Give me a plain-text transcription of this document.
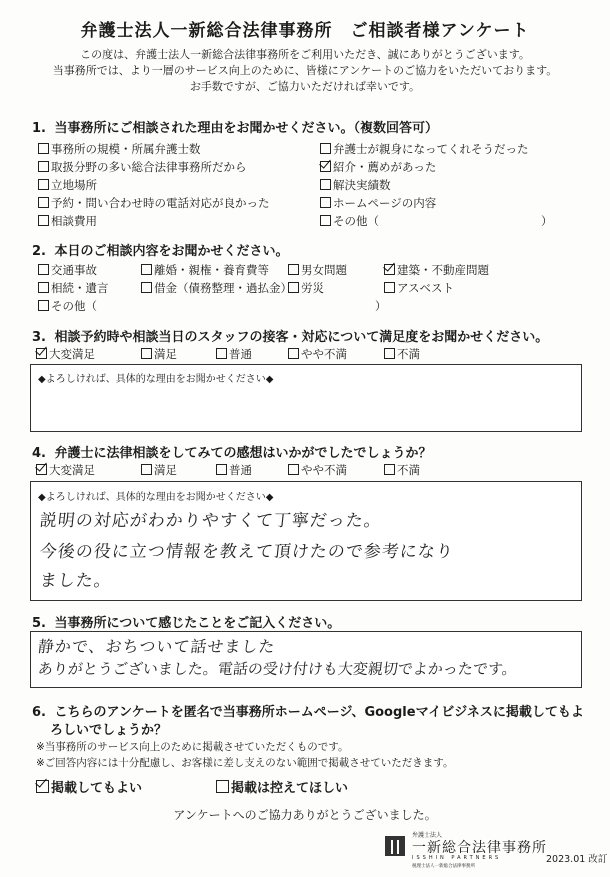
弁護士法人一新総合法律事務所　ご相談者様アンケート
この度は、弁護士法人一新総合法律事務所をご利用いただき、誠にありがとうございます。
当事務所では、より一層のサービス向上のために、皆様にアンケートのご協力をいただいております。
お手数ですが、ご協力いただければ幸いです。
1. 当事務所にご相談された理由をお聞かせください。（複数回答可）
事務所の規模・所属弁護士数	弁護士が親身になってくれそうだった
取扱分野の多い総合法律事務所だから	紹介・薦めがあった
立地場所	解決実績数
予約・問い合わせ時の電話対応が良かった	ホームページの内容
相談費用	その他（	）
2. 本日のご相談内容をお聞かせください。
交通事故	離婚・親権・養育費等	男女問題	建築・不動産問題
相続・遺言	借金（債務整理・過払金） 労災	アスベスト
その他（	）
3. 相談予約時や相談当日のスタッフの接客・対応について満足度をお聞かせください。
大変満足	満足	普通	やや不満	不満
◆よろしければ、具体的な理由をお聞かせください◆
4. 弁護士に法律相談をしてみての感想はいかがでしたでしょうか？
大変満足	満足	普通	やや不満	不満
◆よろしければ、具体的な理由をお聞かせください◆
説明の対応がわかりやすくて丁寧だった。
今後の役に立つ情報を教えて頂けたので参考になり
ました。
5. 当事務所について感じたことをご記入ください。
静かで、おちついて話せました
ありがとうございました。電話の受け付けも大変親切でよかったです。
6. こちらのアンケートを匿名で当事務所ホームページ、Googleマイビジネスに掲載してもよ
ろしいでしょうか？
※当事務所のサービス向上のために掲載させていただくものです。
※ご回答内容には十分配慮し、お客様に差し支えのない範囲で掲載させていただきます。
掲載してもよい	掲載は控えてほしい
アンケートへのご協力ありがとうございました。
弁護士法人
一新総合法律事務所
ISSHIN PARTNERS
税理士法人一新総合法律事務所
2023.01 改訂
